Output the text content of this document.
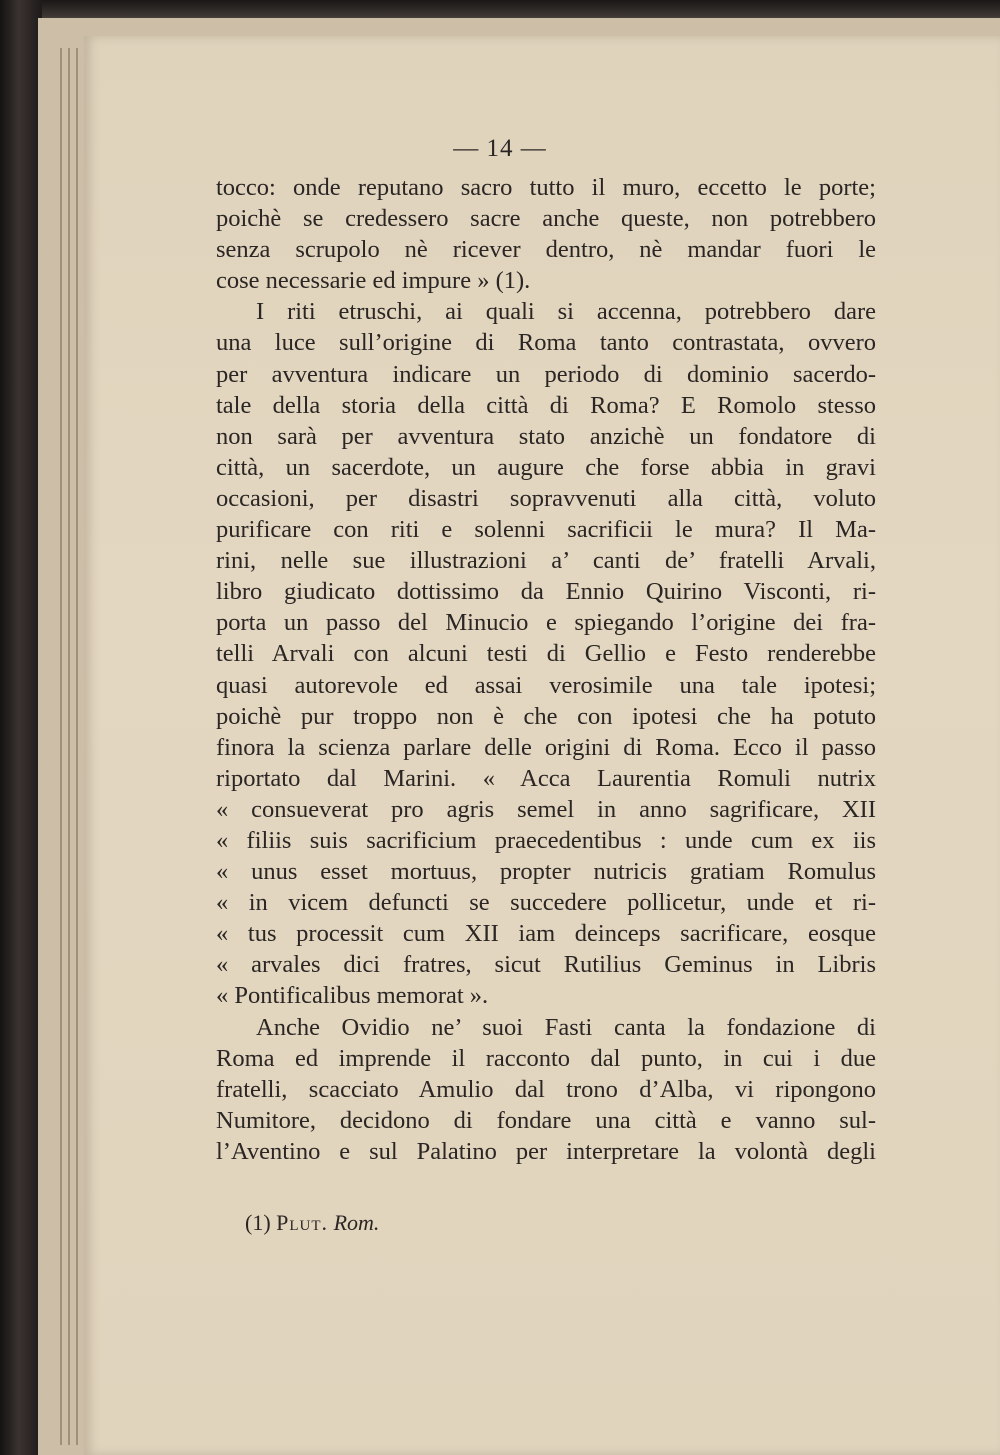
— 14 —
tocco: onde reputano sacro tutto il muro, eccetto le porte;
poichè se credessero sacre anche queste, non potrebbero
senza scrupolo nè ricever dentro, nè mandar fuori le
cose necessarie ed impure » (1).
I riti etruschi, ai quali si accenna, potrebbero dare
una luce sull’origine di Roma tanto contrastata, ovvero
per avventura indicare un periodo di dominio sacerdo-
tale della storia della città di Roma? E Romolo stesso
non sarà per avventura stato anzichè un fondatore di
città, un sacerdote, un augure che forse abbia in gravi
occasioni, per disastri sopravvenuti alla città, voluto
purificare con riti e solenni sacrificii le mura? Il Ma-
rini, nelle sue illustrazioni a’ canti de’ fratelli Arvali,
libro giudicato dottissimo da Ennio Quirino Visconti, ri-
porta un passo del Minucio e spiegando l’origine dei fra-
telli Arvali con alcuni testi di Gellio e Festo renderebbe
quasi autorevole ed assai verosimile una tale ipotesi;
poichè pur troppo non è che con ipotesi che ha potuto
finora la scienza parlare delle origini di Roma. Ecco il passo
riportato dal Marini. « Acca Laurentia Romuli nutrix
« consueverat pro agris semel in anno sagrificare, XII
« filiis suis sacrificium praecedentibus : unde cum ex iis
« unus esset mortuus, propter nutricis gratiam Romulus
« in vicem defuncti se succedere pollicetur, unde et ri-
« tus processit cum XII iam deinceps sacrificare, eosque
« arvales dici fratres, sicut Rutilius Geminus in Libris
« Pontificalibus memorat ».
Anche Ovidio ne’ suoi Fasti canta la fondazione di
Roma ed imprende il racconto dal punto, in cui i due
fratelli, scacciato Amulio dal trono d’Alba, vi ripongono
Numitore, decidono di fondare una città e vanno sul-
l’Aventino e sul Palatino per interpretare la volontà degli
(1) Plut. Rom.
